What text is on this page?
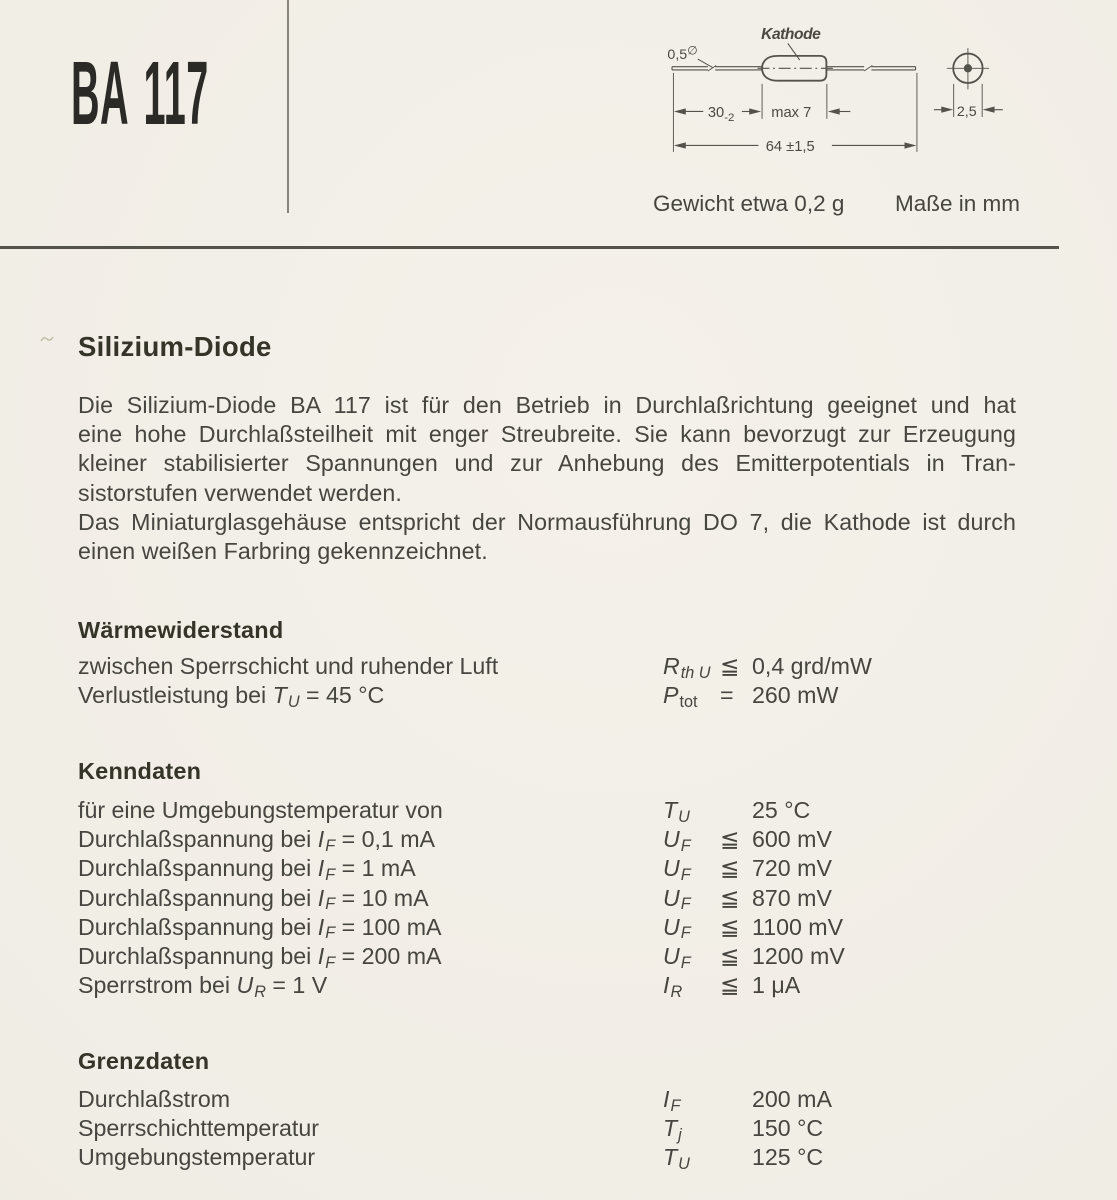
BA 117
Kathode
0,5∅
$30_{-2}$ max 7
64 ±1,5
2,5
Gewicht etwa 0,2 g Maße in mm
Silizium-Diode
Die Silizium-Diode BA 117 ist für den Betrieb in Durchlaßrichtung geeignet und hat
eine hohe Durchlaßsteilheit mit enger Streubreite. Sie kann bevorzugt zur Erzeugung
kleiner stabilisierter Spannungen und zur Anhebung des Emitterpotentials in Tran-
sistorstufen verwendet werden.
Das Miniaturglasgehäuse entspricht der Normausführung DO 7, die Kathode ist durch
einen weißen Farbring gekennzeichnet.
Wärmewiderstand
zwischen Sperrschicht und ruhender Luft	$R_{th U}$ ≦ 0,4 grd/mW
Verlustleistung bei $T_U = 45$ °C	$P_{tot} = 260$ mW
Kenndaten
für eine Umgebungstemperatur von	$T_U$	25 °C
Durchlaßspannung bei $I_F = 0,1$ mA	$U_F$ ≦ 600 mV
Durchlaßspannung bei $I_F = 1$ mA	$U_F$ ≦ 720 mV
Durchlaßspannung bei $I_F = 10$ mA	$U_F$ ≦ 870 mV
Durchlaßspannung bei $I_F = 100$ mA	$U_F$ ≦ 1100 mV
Durchlaßspannung bei $I_F = 200$ mA	$U_F$ ≦ 1200 mV
Sperrstrom bei $U_R = 1$ V	$I_R$ ≦ 1 μA
Grenzdaten
Durchlaßstrom	$I_F$	200 mA
Sperrschichttemperatur	$T_j$	150 °C
Umgebungstemperatur	$T_U$	125 °C
